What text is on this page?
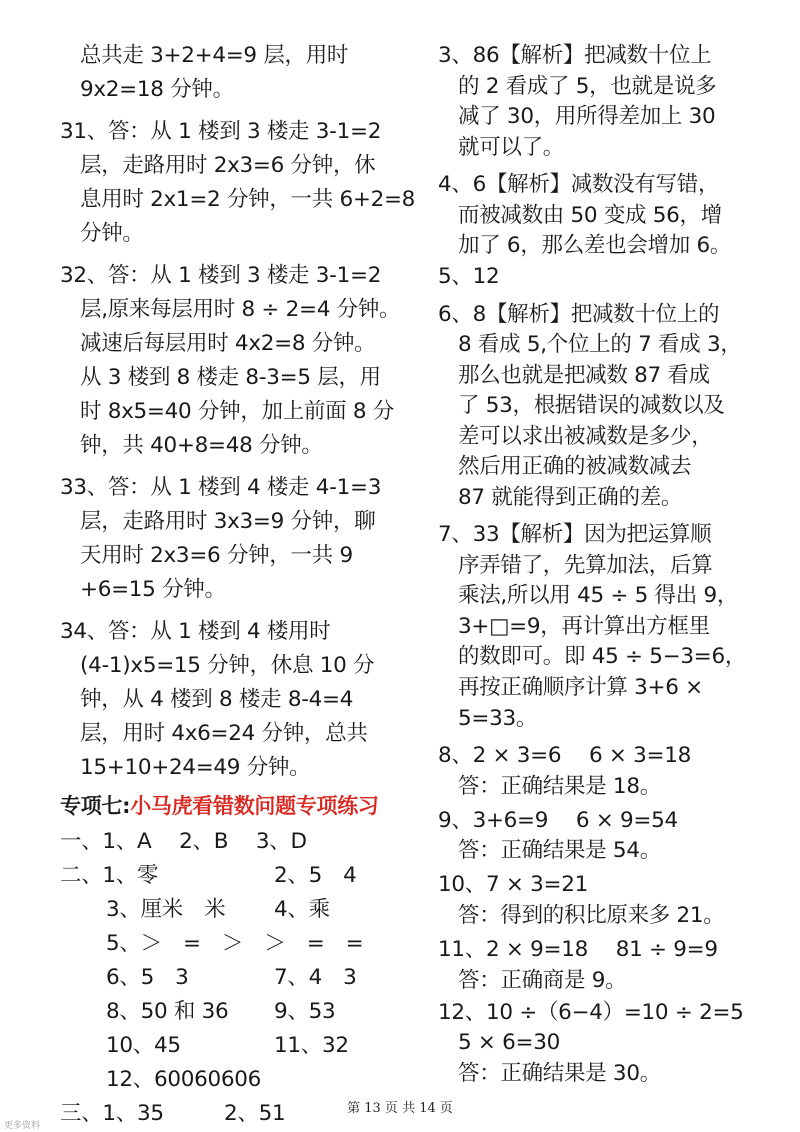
总共走 3+2+4=9 层，用时
9x2=18 分钟。
31、答：从 1 楼到 3 楼走 3-1=2
层，走路用时 2x3=6 分钟，休
息用时 2x1=2 分钟，一共 6+2=8
分钟。
32、答：从 1 楼到 3 楼走 3-1=2
层,原来每层用时 8 ÷ 2=4 分钟。
减速后每层用时 4x2=8 分钟。
从 3 楼到 8 楼走 8-3=5 层，用
时 8x5=40 分钟，加上前面 8 分
钟，共 40+8=48 分钟。
33、答：从 1 楼到 4 楼走 4-1=3
层，走路用时 3x3=9 分钟，聊
天用时 2x3=6 分钟，一共 9
+6=15 分钟。
34、答：从 1 楼到 4 楼用时
(4-1)x5=15 分钟，休息 10 分
钟，从 4 楼到 8 楼走 8-4=4
层，用时 4x6=24 分钟，总共
15+10+24=49 分钟。
专项七:小马虎看错数问题专项练习
一、1、A　 2、B　 3、D
二、1、零	2、5　4
3、厘米　米 4、乘
5、＞　=　＞　＞　=　=
6、5　3	7、4　3
8、50 和 36 9、53
10、45	11、32
12、60060606
三、1、35	2、51
3、86【解析】把减数十位上
的 2 看成了 5，也就是说多
减了 30，用所得差加上 30
就可以了。
4、6【解析】减数没有写错，
而被减数由 50 变成 56，增
加了 6，那么差也会增加 6。
5、12
6、8【解析】把减数十位上的
8 看成 5,个位上的 7 看成 3，
那么也就是把减数 87 看成
了 53，根据错误的减数以及
差可以求出被减数是多少，
然后用正确的被减数减去
87 就能得到正确的差。
7、33【解析】因为把运算顺
序弄错了，先算加法，后算
乘法,所以用 45 ÷ 5 得出 9，
3+□=9，再计算出方框里
的数即可。即 45 ÷ 5−3=6，
再按正确顺序计算 3+6 ×
5=33。
8、2 × 3=6　 6 × 3=18
答：正确结果是 18。
9、3+6=9　 6 × 9=54
答：正确结果是 54。
10、7 × 3=21
答：得到的积比原来多 21。
11、2 × 9=18　 81 ÷ 9=9
答：正确商是 9。
12、10 ÷（6−4）=10 ÷ 2=5
5 × 6=30
答：正确结果是 30。
第 13 页 共 14 页
更多资料
